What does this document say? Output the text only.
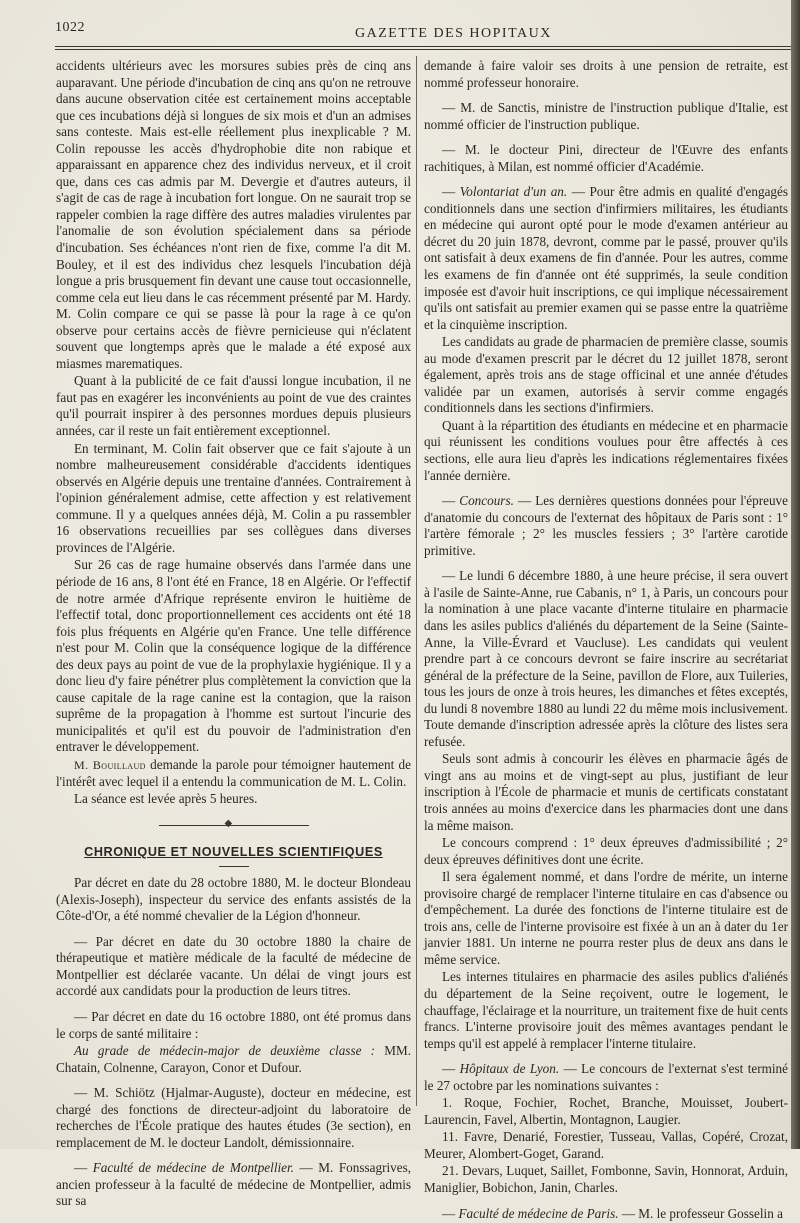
1022	GAZETTE DES HOPITAUX

accidents ultérieurs avec les morsures subies près de cinq ans auparavant. Une période d'incubation de cinq ans qu'on ne retrouve dans aucune observation citée est certainement moins acceptable que ces incubations déjà si longues de six mois et d'un an admises sans conteste. Mais est-elle réellement plus inexplicable ? M. Colin repousse les accès d'hydrophobie dite non rabique et apparaissant en apparence chez des individus nerveux, et il croit que, dans ces cas admis par M. Devergie et d'autres auteurs, il s'agit de cas de rage à incubation fort longue. On ne saurait trop se rappeler combien la rage diffère des autres maladies virulentes par l'anomalie de son évolution spécialement dans sa période d'incubation. Ses échéances n'ont rien de fixe, comme l'a dit M. Bouley, et il est des individus chez lesquels l'incubation déjà longue a pris brusquement fin devant une cause tout occasionnelle, comme cela eut lieu dans le cas récemment présenté par M. Hardy. M. Colin compare ce qui se passe là pour la rage à ce qu'on observe pour certains accès de fièvre pernicieuse qui n'éclatent souvent que longtemps après que le malade a été exposé aux miasmes marematiques.

Quant à la publicité de ce fait d'aussi longue incubation, il ne faut pas en exagérer les inconvénients au point de vue des craintes qu'il pourrait inspirer à des personnes mordues depuis plusieurs années, car il reste un fait entièrement exceptionnel.

En terminant, M. Colin fait observer que ce fait s'ajoute à un nombre malheureusement considérable d'accidents identiques observés en Algérie depuis une trentaine d'années. Contrairement à l'opinion généralement admise, cette affection y est relativement commune. Il y a quelques années déjà, M. Colin a pu rassembler 16 observations recueillies par ses collègues dans diverses provinces de l'Algérie.

Sur 26 cas de rage humaine observés dans l'armée dans une période de 16 ans, 8 l'ont été en France, 18 en Algérie. Or l'effectif de notre armée d'Afrique représente environ le huitième de l'effectif total, donc proportionnellement ces accidents ont été 18 fois plus fréquents en Algérie qu'en France. Une telle différence n'est pour M. Colin que la conséquence logique de la différence des deux pays au point de vue de la prophylaxie hygiénique. Il y a donc lieu d'y faire pénétrer plus complètement la conviction que la cause capitale de la rage canine est la contagion, que la raison suprême de la propagation à l'homme est surtout l'incurie des municipalités et qu'il est du pouvoir de l'administration d'en entraver le développement.

M. Bouillaud demande la parole pour témoigner hautement de l'intérêt avec lequel il a entendu la communication de M. L. Colin.

La séance est levée après 5 heures.

◆
CHRONIQUE ET NOUVELLES SCIENTIFIQUES

Par décret en date du 28 octobre 1880, M. le docteur Blondeau (Alexis-Joseph), inspecteur du service des enfants assistés de la Côte-d'Or, a été nommé chevalier de la Légion d'honneur.

— Par décret en date du 30 octobre 1880 la chaire de thérapeutique et matière médicale de la faculté de médecine de Montpellier est déclarée vacante. Un délai de vingt jours est accordé aux candidats pour la production de leurs titres.

— Par décret en date du 16 octobre 1880, ont été promus dans le corps de santé militaire :

Au grade de médecin-major de deuxième classe : MM. Chatain, Colnenne, Carayon, Conor et Dufour.

— M. Schiötz (Hjalmar-Auguste), docteur en médecine, est chargé des fonctions de directeur-adjoint du laboratoire de recherches de l'École pratique des hautes études (3e section), en remplacement de M. le docteur Landolt, démissionnaire.

— Faculté de médecine de Montpellier. — M. Fonssagrives, ancien professeur à la faculté de médecine de Montpellier, admis sur sa

demande à faire valoir ses droits à une pension de retraite, est nommé professeur honoraire.

— M. de Sanctis, ministre de l'instruction publique d'Italie, est nommé officier de l'instruction publique.

— M. le docteur Pini, directeur de l'Œuvre des enfants rachitiques, à Milan, est nommé officier d'Académie.

— Volontariat d'un an. — Pour être admis en qualité d'engagés conditionnels dans une section d'infirmiers militaires, les étudiants en médecine qui auront opté pour le mode d'examen antérieur au décret du 20 juin 1878, devront, comme par le passé, prouver qu'ils ont satisfait à deux examens de fin d'année. Pour les autres, comme les examens de fin d'année ont été supprimés, la seule condition imposée est d'avoir huit inscriptions, ce qui implique nécessairement qu'ils ont satisfait au premier examen qui se passe entre la quatrième et la cinquième inscription.

Les candidats au grade de pharmacien de première classe, soumis au mode d'examen prescrit par le décret du 12 juillet 1878, seront également, après trois ans de stage officinal et une année d'études validée par un examen, autorisés à servir comme engagés conditionnels dans les sections d'infirmiers.

Quant à la répartition des étudiants en médecine et en pharmacie qui réunissent les conditions voulues pour être affectés à ces sections, elle aura lieu d'après les indications réglementaires fixées l'année dernière.

— Concours. — Les dernières questions données pour l'épreuve d'anatomie du concours de l'externat des hôpitaux de Paris sont : 1° l'artère fémorale ; 2° les muscles fessiers ; 3° l'artère carotide primitive.

— Le lundi 6 décembre 1880, à une heure précise, il sera ouvert à l'asile de Sainte-Anne, rue Cabanis, n° 1, à Paris, un concours pour la nomination à une place vacante d'interne titulaire en pharmacie dans les asiles publics d'aliénés du département de la Seine (Sainte-Anne, la Ville-Évrard et Vaucluse). Les candidats qui veulent prendre part à ce concours devront se faire inscrire au secrétariat général de la préfecture de la Seine, pavillon de Flore, aux Tuileries, tous les jours de onze à trois heures, les dimanches et fêtes exceptés, du lundi 8 novembre 1880 au lundi 22 du même mois inclusivement. Toute demande d'inscription adressée après la clôture des listes sera refusée.

Seuls sont admis à concourir les élèves en pharmacie âgés de vingt ans au moins et de vingt-sept au plus, justifiant de leur inscription à l'École de pharmacie et munis de certificats constatant trois années au moins d'exercice dans les pharmacies dont une dans la même maison.

Le concours comprend : 1° deux épreuves d'admissibilité ; 2° deux épreuves définitives dont une écrite.

Il sera également nommé, et dans l'ordre de mérite, un interne provisoire chargé de remplacer l'interne titulaire en cas d'absence ou d'empêchement. La durée des fonctions de l'interne titulaire est de trois ans, celle de l'interne provisoire est fixée à un an à dater du 1er janvier 1881. Un interne ne pourra rester plus de deux ans dans le même service.

Les internes titulaires en pharmacie des asiles publics d'aliénés du département de la Seine reçoivent, outre le logement, le chauffage, l'éclairage et la nourriture, un traitement fixe de huit cents francs. L'interne provisoire jouit des mêmes avantages pendant le temps qu'il est appelé à remplacer l'interne titulaire.

— Hôpitaux de Lyon. — Le concours de l'externat s'est terminé le 27 octobre par les nominations suivantes :

1. Roque, Fochier, Rochet, Branche, Mouisset, Joubert-Laurencin, Favel, Albertin, Montagnon, Laugier.

11. Favre, Denarié, Forestier, Tusseau, Vallas, Copéré, Crozat, Meurer, Alombert-Goget, Garand.

21. Devars, Luquet, Saillet, Fombonne, Savin, Honnorat, Arduin, Maniglier, Bobichon, Janin, Charles.

— Faculté de médecine de Paris. — M. le professeur Gosselin a
